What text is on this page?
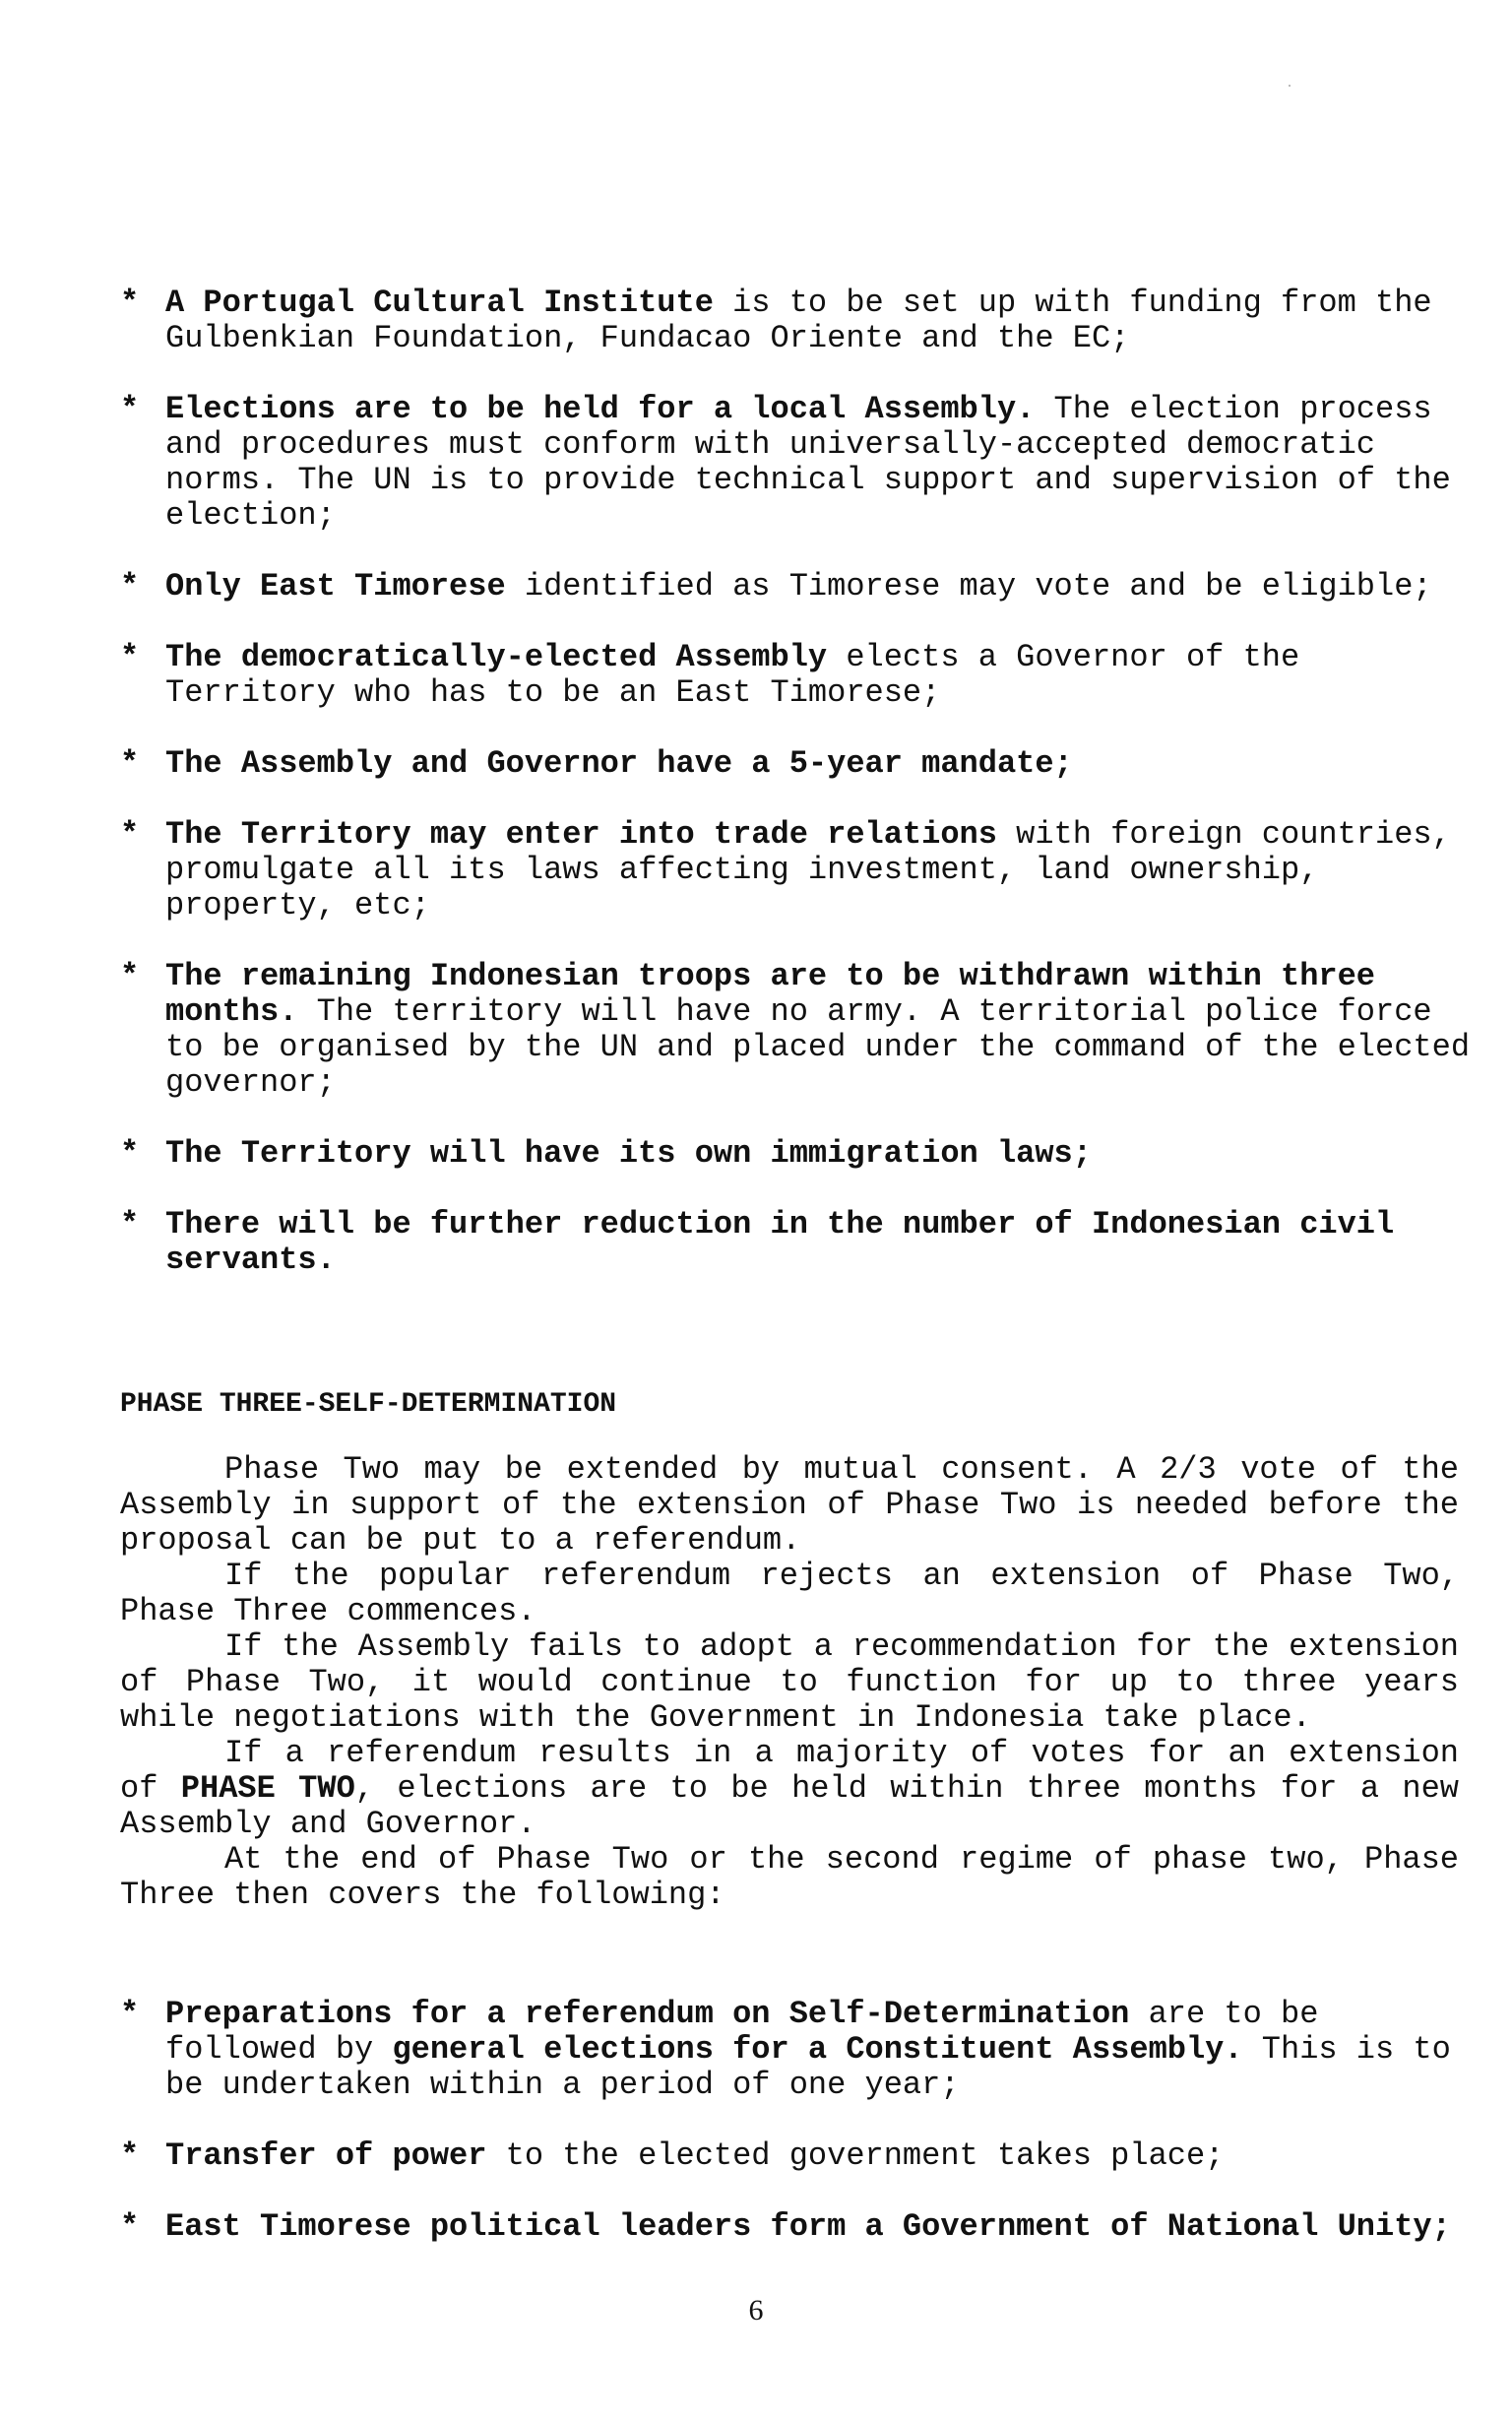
* A Portugal Cultural Institute is to be set up with funding from the Gulbenkian Foundation, Fundacao Oriente and the EC;
* Elections are to be held for a local Assembly. The election process and procedures must conform with universally-accepted democratic norms. The UN is to provide technical support and supervision of the election;
* Only East Timorese identified as Timorese may vote and be eligible;
* The democratically-elected Assembly elects a Governor of the Territory who has to be an East Timorese;
* The Assembly and Governor have a 5-year mandate;
* The Territory may enter into trade relations with foreign countries, promulgate all its laws affecting investment, land ownership, property, etc;
* The remaining Indonesian troops are to be withdrawn within three months. The territory will have no army. A territorial police force to be organised by the UN and placed under the command of the elected governor;
* The Territory will have its own immigration laws;
* There will be further reduction in the number of Indonesian civil servants.
PHASE THREE-SELF-DETERMINATION

Phase Two may be extended by mutual consent. A 2/3 vote of the Assembly in support of the extension of Phase Two is needed before the proposal can be put to a referendum.

If the popular referendum rejects an extension of Phase Two, Phase Three commences.

If the Assembly fails to adopt a recommendation for the extension of Phase Two, it would continue to function for up to three years while negotiations with the Government in Indonesia take place.

If a referendum results in a majority of votes for an extension of PHASE TWO, elections are to be held within three months for a new Assembly and Governor.

At the end of Phase Two or the second regime of phase two, Phase Three then covers the following:

* Preparations for a referendum on Self-Determination are to be followed by general elections for a Constituent Assembly. This is to be undertaken within a period of one year;
* Transfer of power to the elected government takes place;
* East Timorese political leaders form a Government of National Unity;
6
